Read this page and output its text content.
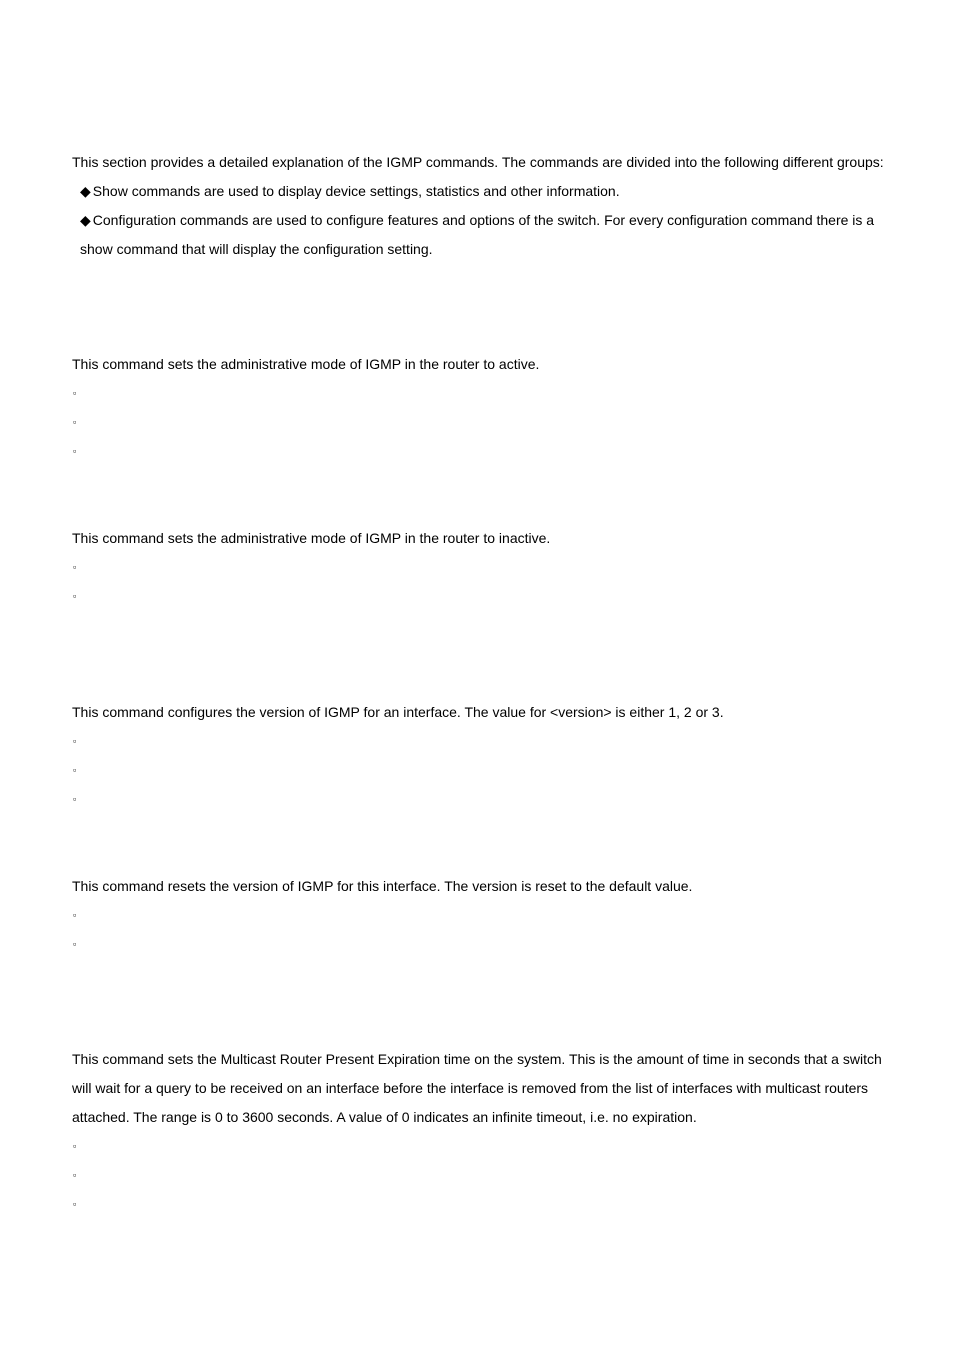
This section provides a detailed explanation of the IGMP commands. The commands are divided into the following different groups:

◆ Show commands are used to display device settings, statistics and other information.

◆ Configuration commands are used to configure features and options of the switch. For every configuration command there is a show command that will display the configuration setting.

This command sets the administrative mode of IGMP in the router to active.

▫
▫
▫

This command sets the administrative mode of IGMP in the router to inactive.

▫
▫

This command configures the version of IGMP for an interface. The value for <version> is either 1, 2 or 3.

▫
▫
▫

This command resets the version of IGMP for this interface. The version is reset to the default value.

▫
▫

This command sets the Multicast Router Present Expiration time on the system. This is the amount of time in seconds that a switch will wait for a query to be received on an interface before the interface is removed from the list of interfaces with multicast routers attached. The range is 0 to 3600 seconds. A value of 0 indicates an infinite timeout, i.e. no expiration.

▫
▫
▫
